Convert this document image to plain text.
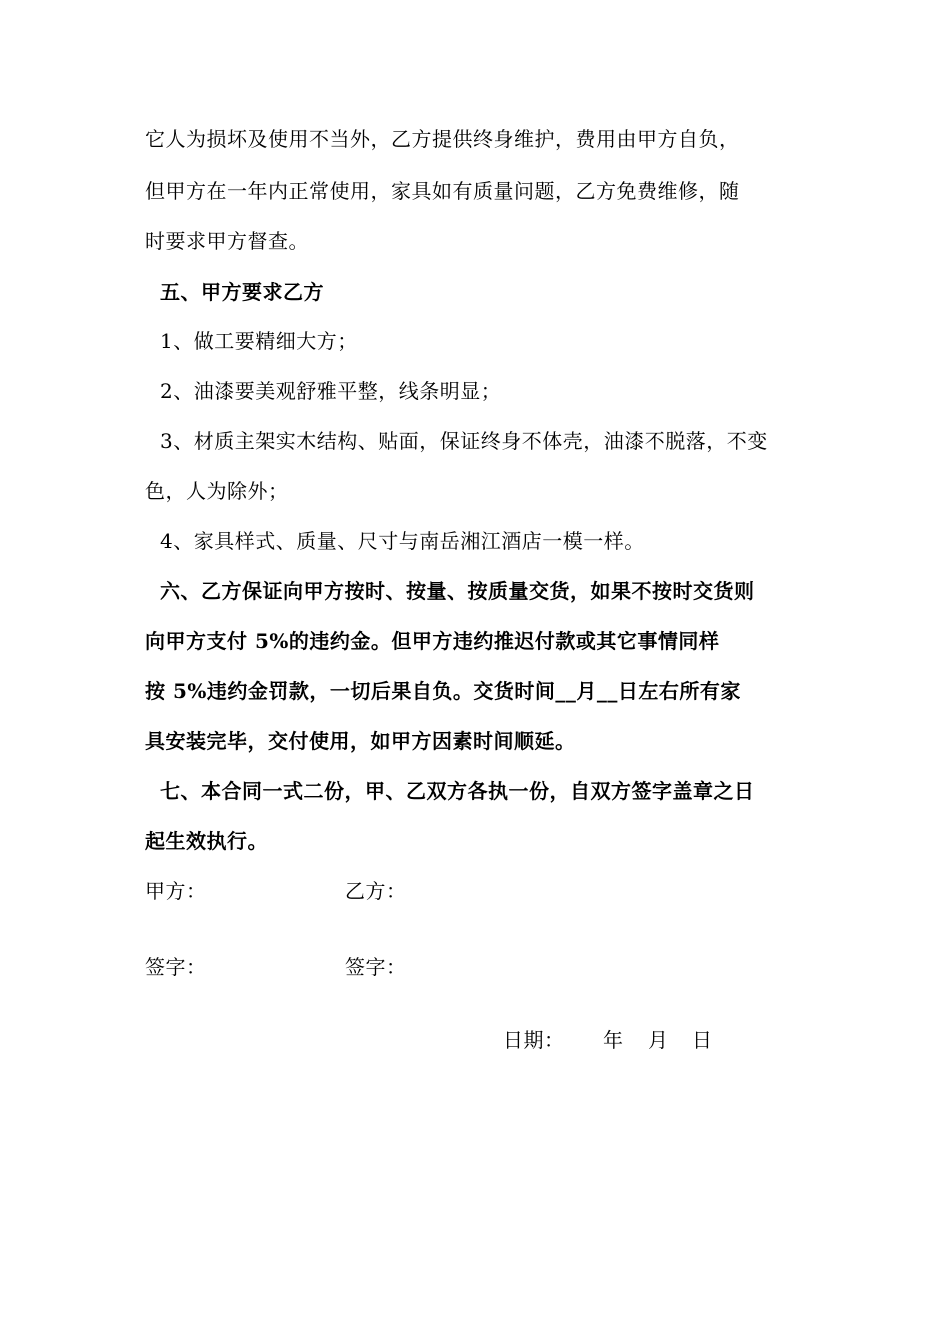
它人为损坏及使用不当外，乙方提供终身维护，费用由甲方自负，
但甲方在一年内正常使用，家具如有质量问题，乙方免费维修，随
时要求甲方督查。
五、甲方要求乙方
1、做工要精细大方；
2、油漆要美观舒雅平整，线条明显；
3、材质主架实木结构、贴面，保证终身不体壳，油漆不脱落，不变
色，人为除外；
4、家具样式、质量、尺寸与南岳湘江酒店一模一样。
六、乙方保证向甲方按时、按量、按质量交货，如果不按时交货则
向甲方支付 5%的违约金。但甲方违约推迟付款或其它事情同样
按 5%违约金罚款，一切后果自负。交货时间__月__日左右所有家
具安装完毕，交付使用，如甲方因素时间顺延。
七、本合同一式二份，甲、乙双方各执一份，自双方签字盖章之日
起生效执行。
甲方：	乙方：
签字：	签字：
日期： 年 月 日
